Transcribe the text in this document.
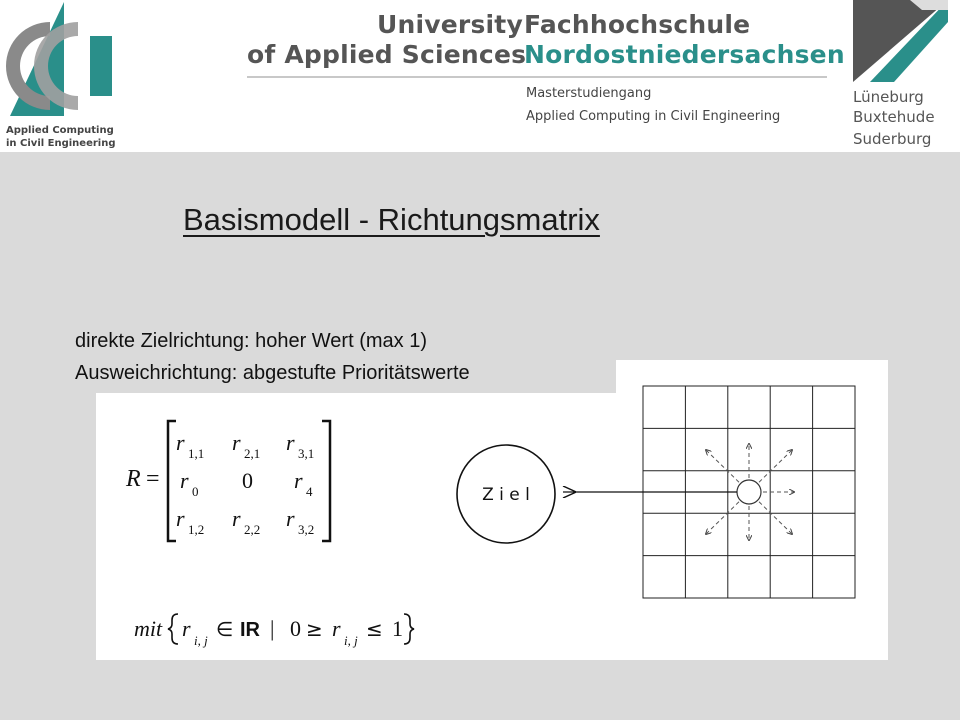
Applied Computing
in Civil Engineering
University
of Applied Sciences
Fachhochschule
Nordostniedersachsen
Masterstudiengang
Applied Computing in Civil Engineering
Lüneburg
Buxtehude
Suderburg
Basismodell - Richtungsmatrix
direkte Zielrichtung: hoher Wert (max 1)
Ausweichrichtung: abgestufte Prioritätswerte
R =
r 1,1 r 2,1 r 3,1
r 0 0 r 4
r 1,2 r 2,2 r 3,2
mit r i, j ∈ IR | 0 ≥ r i, j ≤ 1
Z i e l
